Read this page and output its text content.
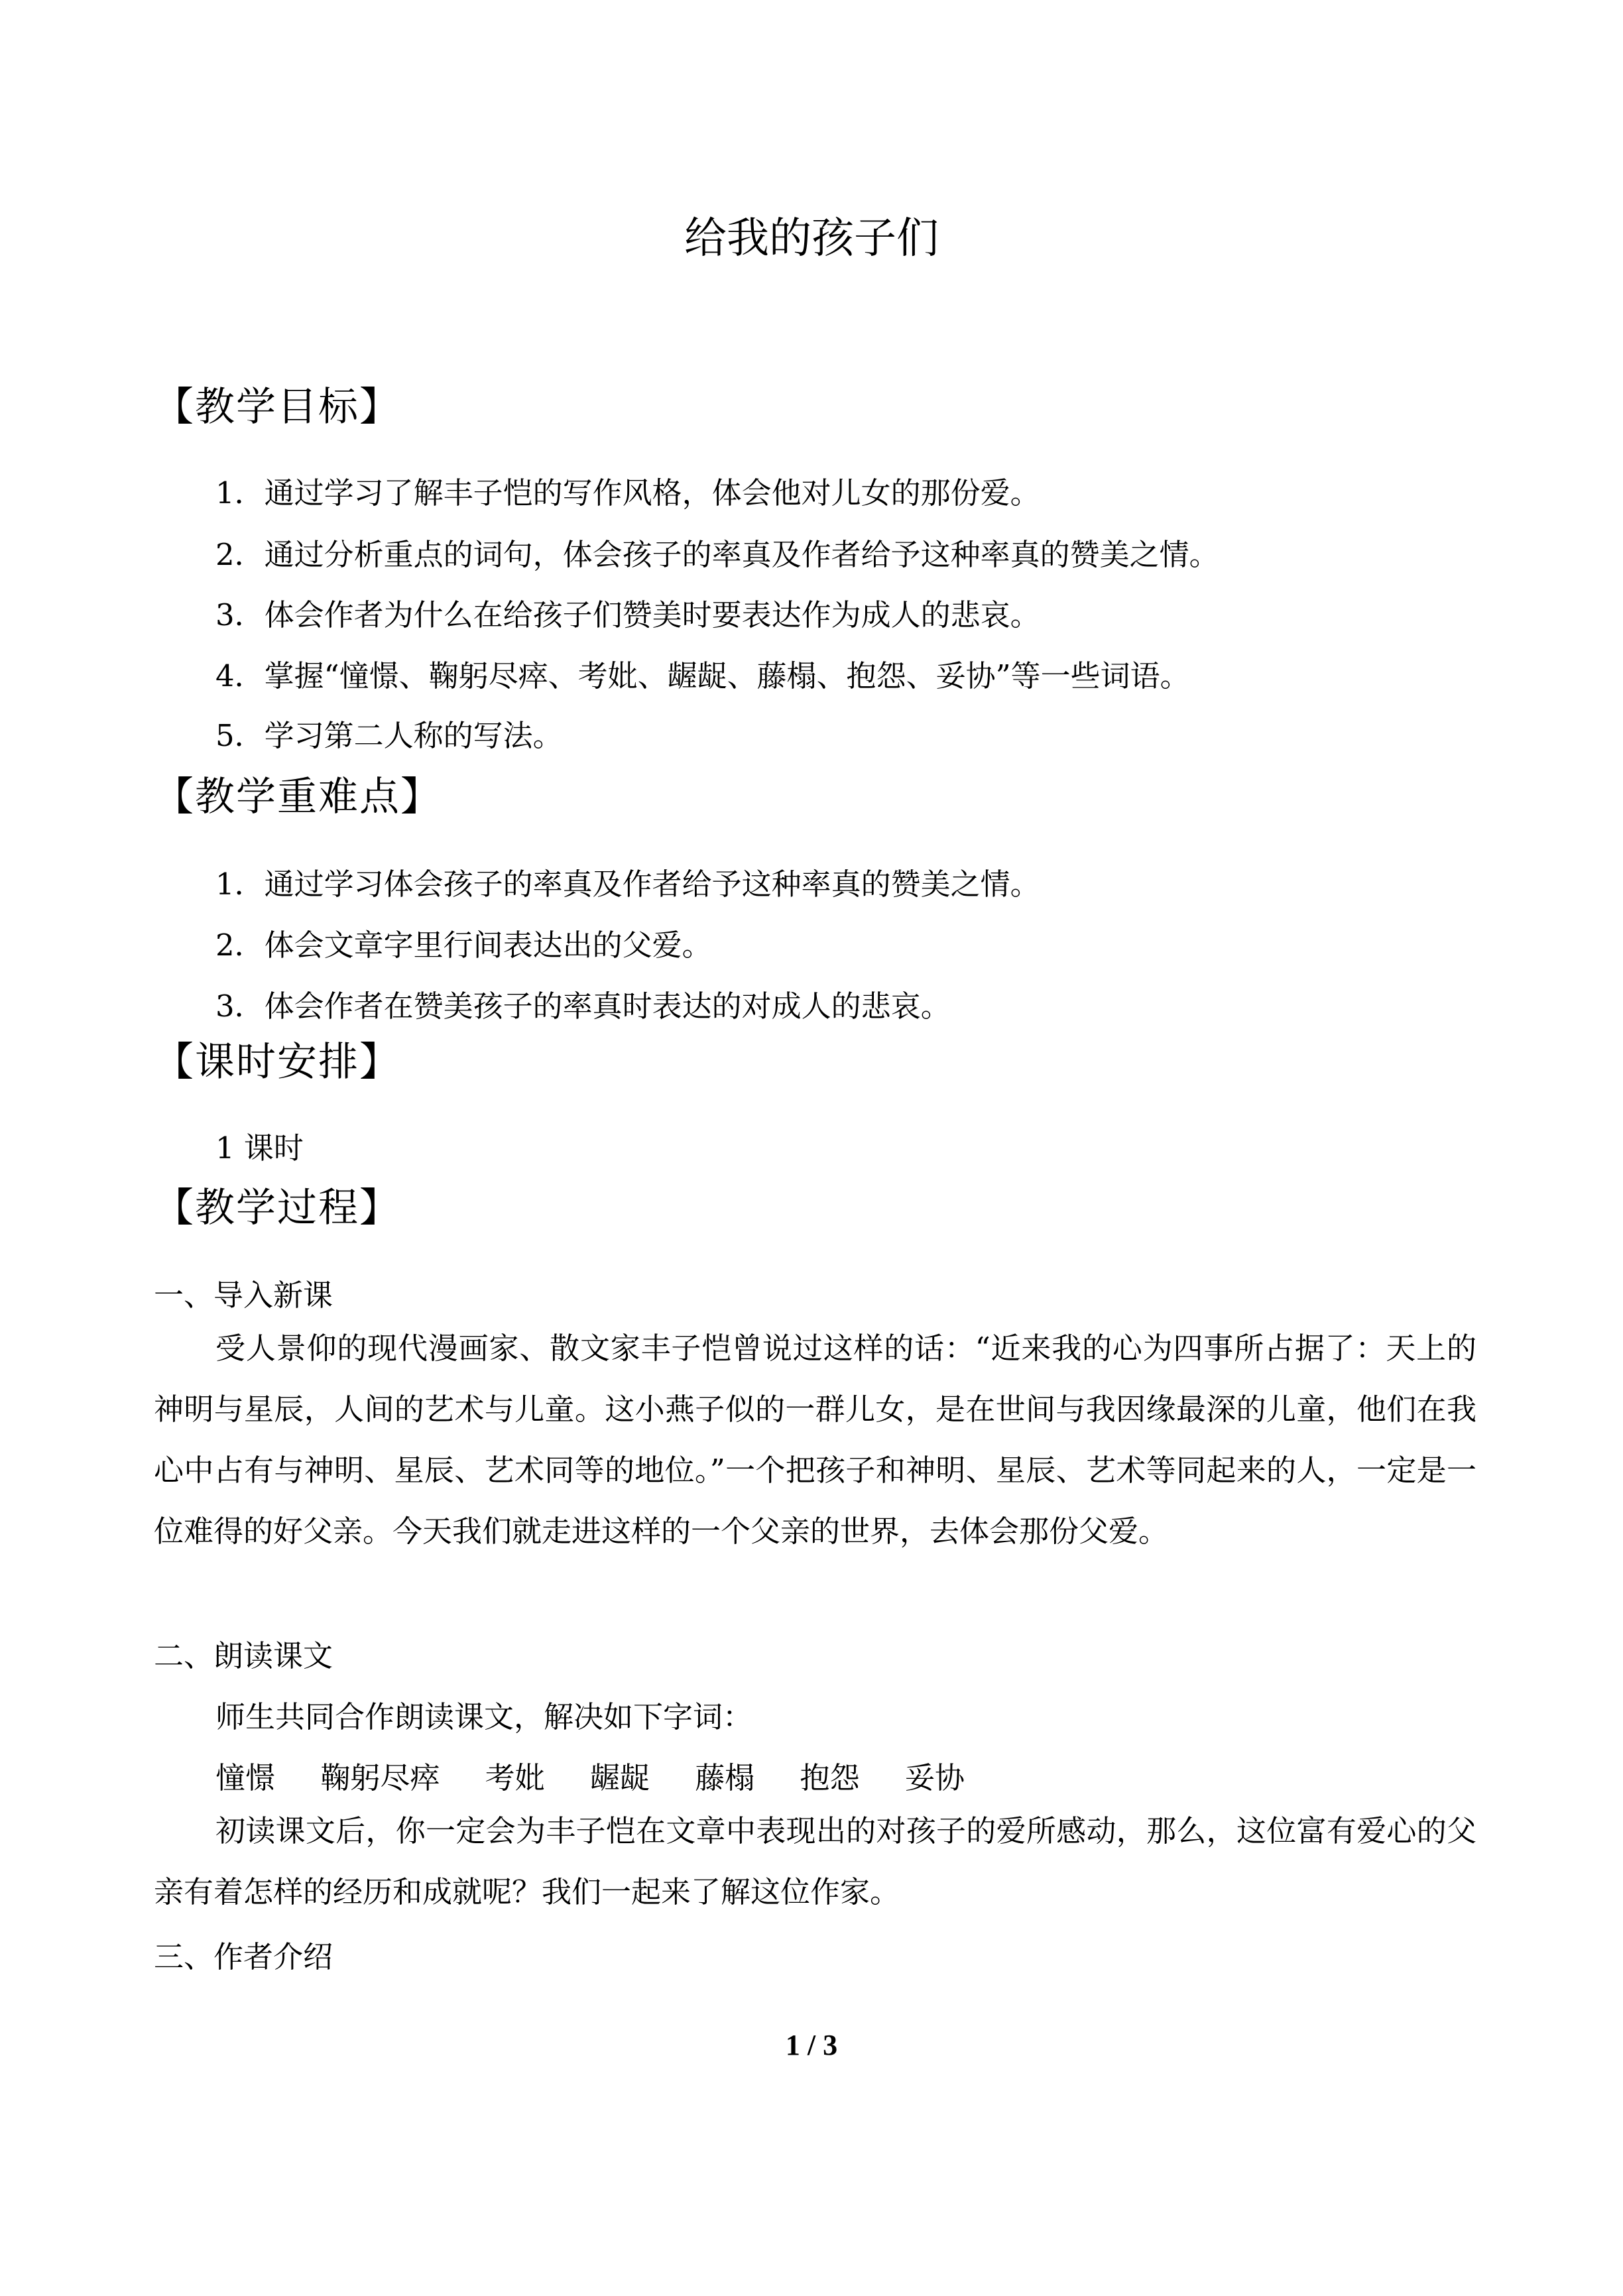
给我的孩子们
【教学目标】
1．通过学习了解丰子恺的写作风格，体会他对儿女的那份爱。
2．通过分析重点的词句，体会孩子的率真及作者给予这种率真的赞美之情。
3．体会作者为什么在给孩子们赞美时要表达作为成人的悲哀。
4．掌握“憧憬、鞠躬尽瘁、考妣、龌龊、藤榻、抱怨、妥协”等一些词语。
5．学习第二人称的写法。
【教学重难点】
1．通过学习体会孩子的率真及作者给予这种率真的赞美之情。
2．体会文章字里行间表达出的父爱。
3．体会作者在赞美孩子的率真时表达的对成人的悲哀。
【课时安排】
1 课时
【教学过程】
一、导入新课
受人景仰的现代漫画家、散文家丰子恺曾说过这样的话：“近来我的心为四事所占据了：天上的神明与星辰，人间的艺术与儿童。这小燕子似的一群儿女，是在世间与我因缘最深的儿童，他们在我心中占有与神明、星辰、艺术同等的地位。”一个把孩子和神明、星辰、艺术等同起来的人，一定是一位难得的好父亲。今天我们就走进这样的一个父亲的世界，去体会那份父爱。
二、朗读课文
师生共同合作朗读课文，解决如下字词：
憧憬 鞠躬尽瘁 考妣 龌龊 藤榻 抱怨 妥协
初读课文后，你一定会为丰子恺在文章中表现出的对孩子的爱所感动，那么，这位富有爱心的父亲有着怎样的经历和成就呢？我们一起来了解这位作家。
三、作者介绍
1 / 3
